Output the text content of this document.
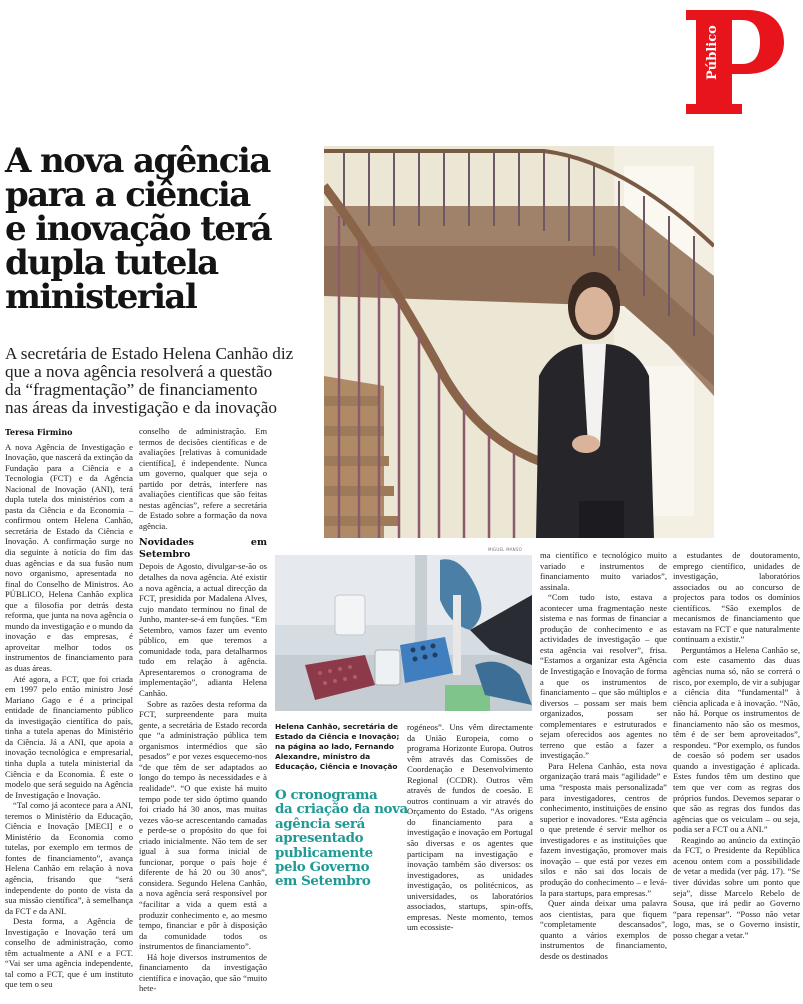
Público
A nova agência
para a ciência
e inovação terá
dupla tutela
ministerial
A secretária de Estado Helena Canhão diz
que a nova agência resolverá a questão
da “fragmentação” de financiamento
nas áreas da investigação e da inovação
MIGUEL MANSO
Teresa Firmino

A nova Agência de Investigação e Inovação, que nascerá da extinção da Fundação para a Ciência e a Tecnologia (FCT) e da Agência Nacional de Inovação (ANI), terá dupla tutela dos ministérios com a pasta da Ciência e da Economia – confirmou ontem Helena Canhão, secretária de Estado da Ciência e Inovação. A confirmação surge no dia seguinte à notícia do fim das duas agências e da sua fusão num novo organismo, apresentada no final do Conselho de Ministros. Ao PÚBLICO, Helena Canhão explica que a filosofia por detrás desta reforma, que junta na nova agência o mundo da investigação e o mundo da inovação e das empresas, é aproveitar melhor todos os instrumentos de financiamento para as duas áreas.

Até agora, a FCT, que foi criada em 1997 pelo então ministro José Mariano Gago e é a principal entidade de financiamento público da investigação científica do país, tinha a tutela apenas do Ministério da Ciência. Já a ANI, que apoia a inovação tecnológica e empresarial, tinha dupla a tutela ministerial da Ciência e da Economia. É este o modelo que será seguido na Agência de Investigação e Inovação.

“Tal como já acontece para a ANI, teremos o Ministério da Educação, Ciência e Inovação [MECI] e o Ministério da Economia como tutelas, por exemplo em termos de fontes de financiamento”, avança Helena Canhão em relação à nova agência, frisando que “será independente do ponto de vista da sua missão científica”, à semelhança da FCT e da ANI.

Desta forma, a Agência de Investigação e Inovação terá um conselho de administração, como têm actualmente a ANI e a FCT. “Vai ser uma agência independente, tal como a FCT, que é um instituto que tem o seu

conselho de administração. Em termos de decisões científicas e de avaliações [relativas à comunidade científica], é independente. Nunca um governo, qualquer que seja o partido por detrás, interfere nas avaliações científicas que são feitas nestas agências”, refere a secretária de Estado sobre a formação da nova agência.

Novidades em Setembro

Depois de Agosto, divulgar-se-ão os detalhes da nova agência. Até existir a nova agência, a actual direcção da FCT, presidida por Madalena Alves, cujo mandato terminou no final de Junho, manter-se-á em funções. “Em Setembro, vamos fazer um evento público, em que teremos a comunidade toda, para detalharmos tudo em relação à agência. Apresentaremos o cronograma de implementação”, adianta Helena Canhão.

Sobre as razões desta reforma da FCT, surpreendente para muita gente, a secretária de Estado recorda que “a administração pública tem organismos intermédios que são pesados” e por vezes esquecemo-nos “de que têm de ser adaptados ao longo do tempo às necessidades e à realidade”. “O que existe há muito tempo pode ter sido óptimo quando foi criado há 30 anos, mas muitas vezes vão-se acrescentando camadas e perde-se o propósito do que foi criado inicialmente. Não tem de ser igual à sua forma inicial de funcionar, porque o país hoje é diferente de há 20 ou 30 anos”, considera. Segundo Helena Canhão, a nova agência será responsível por “facilitar a vida a quem está a produzir conhecimento e, ao mesmo tempo, financiar e pôr à disposição da comunidade todos os instrumentos de financiamento”.

Há hoje diversos instrumentos de financiamento da investigação científica e inovação, que são “muito hete-

Helena Canhão, secretária de Estado da Ciência e Inovação; na página ao lado, Fernando Alexandre, ministro da Educação, Ciência e Inovação
O cronograma
da criação da nova
agência será
apresentado
publicamente
pelo Governo
em Setembro

rogéneos”. Uns vêm directamente da União Europeia, como o programa Horizonte Europa. Outros vêm através das Comissões de Coordenação e Desenvolvimento Regional (CCDR). Outros vêm através de fundos de coesão. E outros continuam a vir através do Orçamento do Estado. “As origens do financiamento para a investigação e inovação em Portugal são diversas e os agentes que participam na investigação e inovação também são diversos: os investigadores, as unidades investigação, os politécnicos, as universidades, os laboratórios associados, startups, spin-offs, empresas. Neste momento, temos um ecossiste-

ma científico e tecnológico muito variado e instrumentos de financiamento muito variados”, assinala.

“Com tudo isto, estava a acontecer uma fragmentação neste sistema e nas formas de financiar a produção de conhecimento e as actividades de investigação – que esta agência vai resolver”, frisa. “Estamos a organizar esta Agência de Investigação e Inovação de forma a que os instrumentos de financiamento – que são múltiplos e diversos – possam ser mais bem organizados, possam ser complementares e estruturados e sejam oferecidos aos agentes no terreno que estão a fazer a investigação.”

Para Helena Canhão, esta nova organização trará mais “agilidade” e uma “resposta mais personalizada” para investigadores, centros de conhecimento, instituições de ensino superior e inovadores. “Esta agência o que pretende é servir melhor os investigadores e as instituições que fazem investigação, promover mais inovação – que está por vezes em silos e não sai dos locais de produção do conhecimento – e levá-la para startups, para empresas.”

Quer ainda deixar uma palavra aos cientistas, para que fiquem “completamente descansados”, quanto a vários exemplos de instrumentos de financiamento, desde os destinados

a estudantes de doutoramento, emprego científico, unidades de investigação, laboratórios associados ou ao concurso de projectos para todos os domínios científicos. “São exemplos de mecanismos de financiamento que estavam na FCT e que naturalmente continuam a existir.”

Perguntámos a Helena Canhão se, com este casamento das duas agências numa só, não se correrá o risco, por exemplo, de vir a subjugar a ciência dita “fundamental” à ciência aplicada e à inovação. “Não, não há. Porque os instrumentos de financiamento não são os mesmos, têm é de ser bem aproveitados”, respondeu. “Por exemplo, os fundos de coesão só podem ser usados quando a investigação é aplicada. Estes fundos têm um destino que tem que ver com as regras dos próprios fundos. Devemos separar o que são as regras dos fundos das agências que os veiculam – ou seja, podia ser a FCT ou a ANI.”

Reagindo ao anúncio da extinção da FCT, o Presidente da República acenou ontem com a possibilidade de vetar a medida (ver pág. 17). “Se tiver dúvidas sobre um ponto que seja”, disse Marcelo Rebelo de Sousa, que irá pedir ao Governo “para repensar”. “Posso não vetar logo, mas, se o Governo insistir, posso chegar a vetar.”
